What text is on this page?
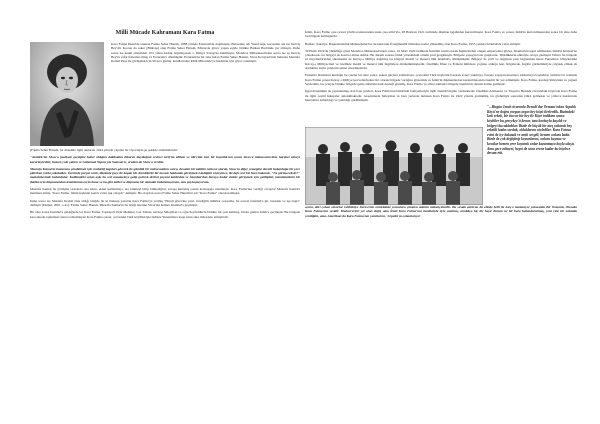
Milli Mücade Kahramanı Kara Fatma

Kara Fatma İlkesi'de tanınan Fatma Seher Hanım, 1888 yılında Erzurum'da doğmuştur. Babasının adı Yusuf Ağa, kocasının adı ise Derviş Bey'dir. Kocası da asker (Binbaşı) olan Fatma Seher Hanım, Edirne'de görev yapan eşiyle birlikte Balkan Harbinde yer almıştır. Daha sonra ise kendi ailesinden 10'a yakın kadını örgütleyerek 1. Dünya Savaşı'na katılmıştır. Mondros Mütarekesi'nden sonra ise eş Derviş Bey'in vefat haberini almış ve Erzurum'a dönmüştür. Erzurum'da bir süre kalan Fatma Seher Hanım, Sivas Kongresi'nde bulunan Mustafa Kemal Paşa ile görüşmek için Sivas'a gitmiş, kendisi'nden Milli Mücadele'ye katılmak için görev istemiştir.

(Fatma Seher Hanım, bu dönemle ilgili anılarını 1944 yılında yapılan bir röportajda şu şekilde anlatmaktadır:

"Atatürk'ün Sivas'a faaliyete geçtiğini haber aldığım dakikadan itibaren duyduğum sevinci tarif'im edilem ve ölü'çüm isen bir hayatlık'am soran Sivas'a mümessüm'dem haraket etmeyi kararlaştırdım; hemen yola çıktım ve Gülemaal Yapası'yla Samsun'u, oradan da Sivas'a verdim.

Mustafa Kemal'in huzuruna çıkabilmek için muhtelif kapıları görerek ile gündük bir müracaatdan sonra, devamlı bir taklitin neticesi olarak, Sivas'ta diğer yemeğine davetli bulunduğu bir yere giderken yolda yakaladım. Üzerinde parçal sarık, düşünde peçe ile kapalı idi. Kendilerile bir mesele hakkında görüşmek istediğimi söyleyince, iki defa sert bir bozo bakarak, "Ne görüşeceksin?" mukabelesinde bulundular. Kalbimdeki vatan aşkı bu sert muameleye galip gelerek derhal peçemi kaldırdım ve İstanbul'dan buraya kadar sizinle görüşmek için geldiğimi, memleketimin bir dakika için düşmanından temizlenmesi için bana ve bu gibi millet ve düşmana bir olanaklı bulunmuyorum, onu paylaşmıyorum.

Mustafa Kemal bu görüşme sırasında ona adını, elden kullanmayı, ata binmeyi bilip bilmediğini, savaşa kurtuluş sonun korkuşağa inanmıştır. Kara Fatma'nın verdiği cevaplar Mustafa Kemal'i memnun etmiş, "Kara Fatma, bütün kadınlar kendı vatan aşk olsaydı" demiştir. Bu olaydan sonra Fatma Seher Hanım'ın adı "Kara Fatma" olarak kalmıştır.

Daha sonra ise Mustafa Kemal ölen aldığı bilgide bu ki mektup yazarak Kara Fatma'ya vermiş "Haydi görevine yeni, vereliğim millmat cesasıma, bu ecevel İstanbul'a git, buradan ve işe başla" demiştir (Demel, 2001, s.41). Fatma Seher Hanım, Mustafa Kemal'in bu isteği üzerine Sivas'tan hemen İstanbul'a geçmiştir.

Bir süre sonra İstanbul'a geldiğinde ise Kara Fatma, Topkapı'lı Pide Mehmet, Laz Tahsin, kardeşi Süleyman ve oğlu Seyfeddin'le birlikte bir çete kurmuş, birolu gizlice İzmit'e geçmiştir. Bu bölgede kısa sürede toplumsal sınırsı tamamlayan Kara Fatma çetesi, çevredeki Türk köylüleriyle birlikte Yunanlılara karşı uzun süre mücadele etmiştirdir.

İzmit, Kara Fatma çete çevrel yönlü oranılarından tanın çaşı etliri'yla, 28 Haziran 1921 tarihinde düşman işgalinden kurtarılmıştır. Kara Fatma ve çetesi, İzmit'in kurtarılmasından sonra bir süre daha bu bölgede kalmışlardır.

Bafkav, Sakarya, Başkomutanlık Muharebeleri'ne de katılarak Üstağmenlik rütbesine kadar yükselmiş olan Kara Fatma, 1955 yılında İstanbul'da vefat etmiştir.

30 Ekim 1919'da yürürlüğe giren Mondros Mütarekesi'nden sonra, 16 Mart 1920 tarihinde İstanbul resmi olarak İngilizlerden oluşan emperyalist güçler, İstanbul'un işgal edilmesine İzmit'ü Körfezi'ne yöneltecek, bu bölgeyi de kontrol altına aldılar. Bu durum sonrası İzmit yöresindeki ortamı yeni gerginleştir. Bölgede yaşayan bazı gruplarını, Türklüklerin etkisiyle ortaya çıkmıştır Tahir'e bu bölgede iri meydanlarından süremesini de Kuvay-ı Milliye dağılmış bu bölgeyi maddi ve manevi tüm İstanbul'a dönüşmüştür. Bölgeyi de yerli ve dağıtılan yeni bağlanmak üzere Yunanlılar bölgelerdeki Kuvay-ı Milliyecileri ve özellikle maddi ve manevi tüm İngilizlere dönüştürmüşlerdir. Özellikle İlhan ve Ermeni milislere yoğunu olduğu bazı bölgelerde, İngiliz görüntüleriyle çılgınık olmak da aradıkları suçlu çetelerin sahne çıkarmışlardır.

Ermeni'e Rumların kurduğu bu çeteler bir süre sonra, askeri güçlere saldırmaya, çevredeki Türk köylerini basarak evleri yakmaya, burada yaşayan insanlara saldırmaya başladılar. İzmit'te bu ortamda Kara Fatma çetesi Kuvay-ı Milliye kuvvetlerinden biri olarak bölgede varlığını göstermiş ve İzmit'in düşmanlardan kurtarılmasında önemli bir yer edinmiştir. Kara Fatma, kardeşi Süleyman ve yeğeni Seyfeddin, bu çeteyle birlikte bölgede geniş anlamda halk desteği görmüş, Kara Fatma ve ailesi zamanla bölgede önemli bir destek haline gelmiştir.

İşgal döneminin de yaşanlanmış olan bazı çeteleri, Kara Fatma'nın İzmit'teki faaliyetleriyle ilgili önemli bilgiler vermektedir. Özellikle Adabazarı ve Tavşan'a Hendek civarındaki köylerde Kara Fatma ile ilgili çeşitli hikayeler anlatılmaktadır. Araştırmada Süleyman ve bazı yerlerde bulunan Kara Fatma ile 1922 yılında görünmüş, bu görüntüyü sonradan ötürü gelmekte ve yıllarca haklarında hatıraların anlatıldığı ve yazıldığı görülmüştür.

"...Birgün İzmit civarında Derudi'dar Ormanı'ndan Arpalık Köyü'ne doğru yorgun argın bey köyü ilerlerdik. Bizimdeki kırk erkek, bir tüccar bir bey ile Köye indikten sonra köylüler bu gerçekçe'ü kenar, tanı korkuyla kaşılık ve bölgeyi kucakladılar. Bizde de küçük bir ateş yakarak beş erkekli kadın sorduk, olduklarını söylediler. Kara Fatma evini de içe bakmak ve artık sevgili, hemen onlara baktı. Bizde de çok değiştirip koyunlarını, onlara boynuz ve kovalar hemen yere koyarak onlar kazanmaya boylu ulaştı. Ama gece nihayet, hepsi de sona erene kadar bu böylece devam etti.

sonra, dört çoban süvarlar Göllüköye Derest'nin ortaklıdaki yoncalara yönelen mümin müzehçileridir. Bu sırada zabit'an iki elinde belli ile Ateş'e nazlanıyor yakasında Bir Osmanlı, Olesaka Kara Fatma'nın sesidir. Muharrerleri yer alan değil, ama İzmit Kara Fatma'nın kendisinde öyle yazılmış, aradıkça hiç bir haşır durum ne bir kara bulundurulmuş, yeni yine bir noktada yeniliğini, ama, Amerikan'da Kara Fatma'nın yanıtlarını, 'Arpalık'ın çobanlarıyız'.
